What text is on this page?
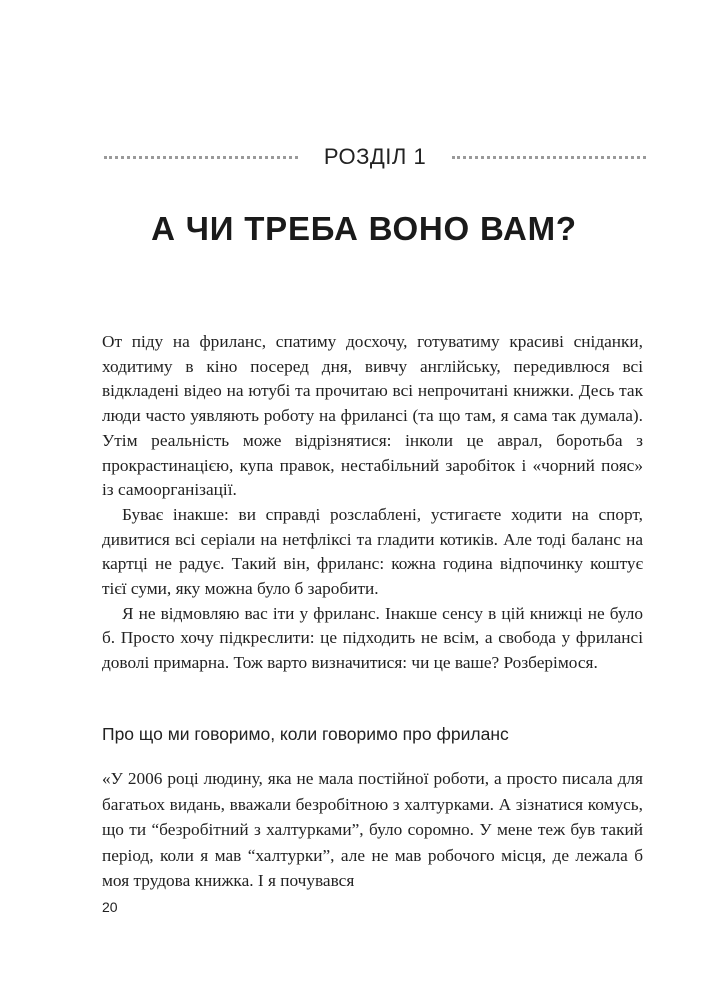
РОЗДІЛ 1
А ЧИ ТРЕБА ВОНО ВАМ?

От піду на фриланс, спатиму досхочу, готуватиму красиві сніданки, ходитиму в кіно посеред дня, вивчу англійську, передивлюся всі відкладені відео на ютубі та прочитаю всі непрочитані книжки. Десь так люди часто уявляють роботу на фрилансі (та що там, я сама так думала). Утім реальність може відрізнятися: інколи це аврал, боротьба з прокрастинацією, купа правок, нестабільний заробіток і «чорний пояс» із самоорганізації.

Буває інакше: ви справді розслаблені, устигаєте ходити на спорт, дивитися всі серіали на нетфліксі та гладити котиків. Але тоді баланс на картці не радує. Такий він, фриланс: кожна година відпочинку коштує тієї суми, яку можна було б заробити.

Я не відмовляю вас іти у фриланс. Інакше сенсу в цій книжці не було б. Просто хочу підкреслити: це підходить не всім, а свобода у фрилансі доволі примарна. Тож варто визначитися: чи це ваше? Розберімося.

Про що ми говоримо, коли говоримо про фриланс

«У 2006 році людину, яка не мала постійної роботи, а просто писала для багатьох видань, вважали безробітною з халтурками. А зізнатися комусь, що ти “безробітний з халтурками”, було соромно. У мене теж був такий період, коли я мав “халтурки”, але не мав робочого місця, де лежала б моя трудова книжка. І я почувався

20
